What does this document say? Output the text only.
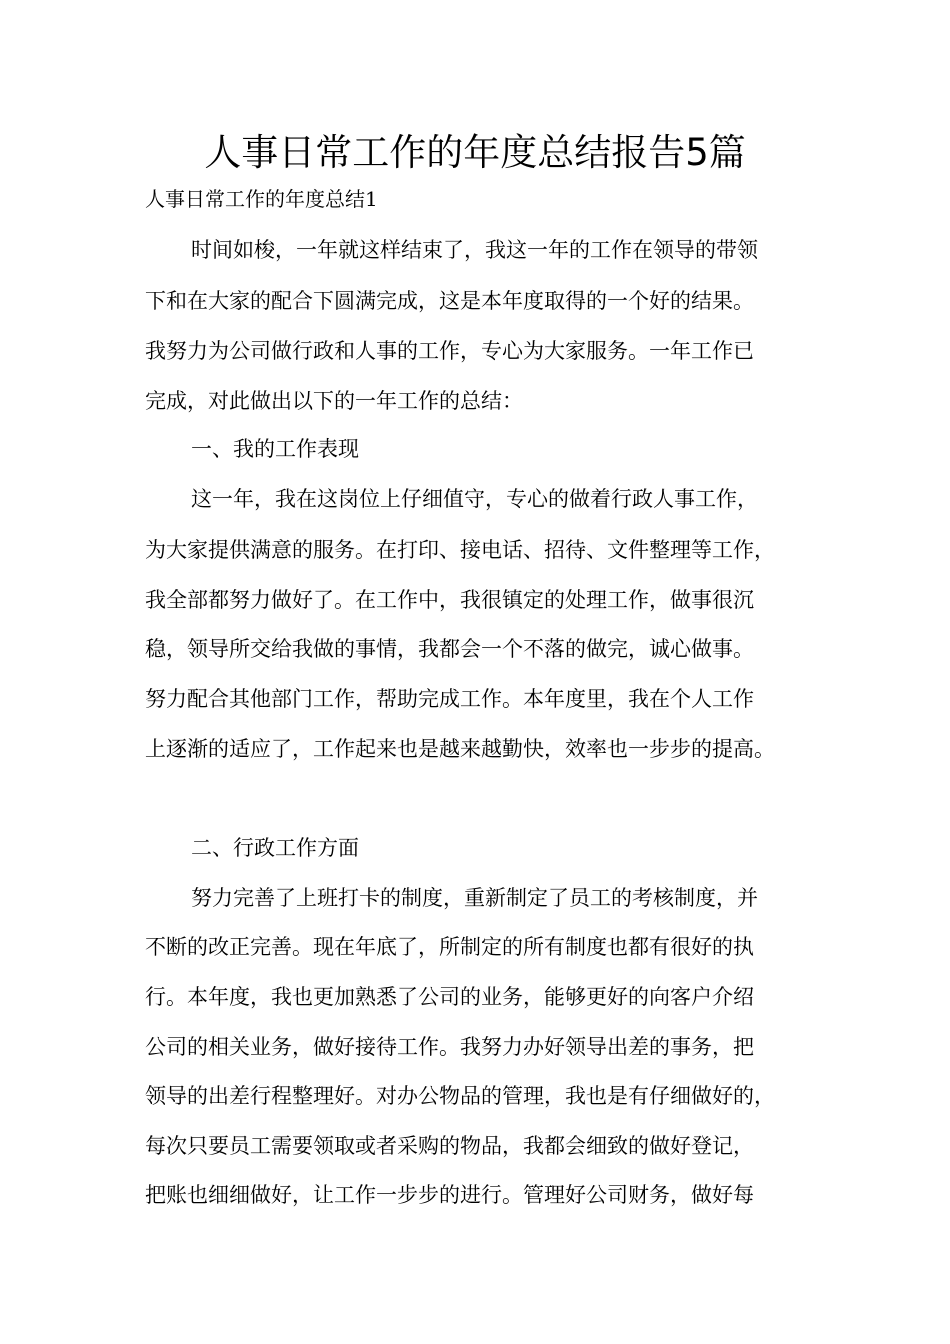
人事日常工作的年度总结报告5篇

人事日常工作的年度总结1

时间如梭，一年就这样结束了，我这一年的工作在领导的带领

下和在大家的配合下圆满完成，这是本年度取得的一个好的结果。

我努力为公司做行政和人事的工作，专心为大家服务。一年工作已

完成，对此做出以下的一年工作的总结：

一、我的工作表现

这一年，我在这岗位上仔细值守，专心的做着行政人事工作，

为大家提供满意的服务。在打印、接电话、招待、文件整理等工作，

我全部都努力做好了。在工作中，我很镇定的处理工作，做事很沉

稳，领导所交给我做的事情，我都会一个不落的做完，诚心做事。

努力配合其他部门工作，帮助完成工作。本年度里，我在个人工作

上逐渐的适应了，工作起来也是越来越勤快，效率也一步步的提高。

二、行政工作方面

努力完善了上班打卡的制度，重新制定了员工的考核制度，并

不断的改正完善。现在年底了，所制定的所有制度也都有很好的执

行。本年度，我也更加熟悉了公司的业务，能够更好的向客户介绍

公司的相关业务，做好接待工作。我努力办好领导出差的事务，把

领导的出差行程整理好。对办公物品的管理，我也是有仔细做好的，

每次只要员工需要领取或者采购的物品，我都会细致的做好登记，

把账也细细做好，让工作一步步的进行。管理好公司财务，做好每
